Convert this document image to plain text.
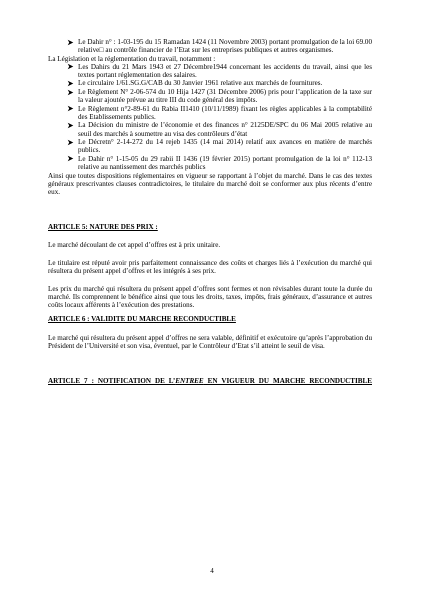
Le Dahir n° : 1-03-195 du 15 Ramadan 1424 (11 Novembre 2003) portant promulgation de la loi 69.00 relative□ au contrôle financier de l’Etat sur les entreprises publiques et autres organismes.

La Législation et la réglementation du travail, notamment :

Les Dahirs du 21 Mars 1943 et 27 Décembre1944 concernant les accidents du travail, ainsi que les textes portant réglementation des salaires.
Le circulaire 1/61.SG.G/CAB du 30 Janvier 1961 relative aux marchés de fournitures.
Le Règlement N° 2-06-574 du 10 Hija 1427 (31 Décembre 2006) pris pour l’application de la taxe sur la valeur ajoutée prévue au titre III du code général des impôts.
Le Règlement n°2-89-61 du Rabia II1410 (10/11/1989) fixant les règles applicables à la comptabilité des Etablissements publics.
La Décision du ministre de l’économie et des finances n° 2125DE/SPC du 06 Mai 2005 relative au seuil des marchés à soumettre au visa des contrôleurs d’état
Le Décretn° 2-14-272 du 14 rejeb 1435 (14 mai 2014) relatif aux avances en matière de marchés publics.
Le Dahir n° 1-15-05 du 29 rabii II 1436 (19 février 2015) portant promulgation de la loi n° 112-13 relative au nantissement des marchés publics

Ainsi que toutes dispositions réglementaires en vigueur se rapportant à l’objet du marché. Dans le cas des textes généraux prescrivantes clauses contradictoires, le titulaire du marché doit se conformer aux plus récents d’entre eux.

ARTICLE 5: NATURE DES PRIX :

Le marché découlant de cet appel d’offres est à prix unitaire.

Le titulaire est réputé avoir pris parfaitement connaissance des coûts et charges liés à l’exécution du marché qui résultera du présent appel d’offres et les intégrés à ses prix.

Les prix du marché qui résultera du présent appel d’offres sont fermes et non révisables durant toute la durée du marché. Ils comprennent le bénéfice ainsi que tous les droits, taxes, impôts, frais généraux, d’assurance et autres coûts locaux afférents à l’exécution des prestations.

ARTICLE 6 : VALIDITE DU MARCHE RECONDUCTIBLE

Le marché qui résultera du présent appel d’offres ne sera valable, définitif et exécutoire qu’après l’approbation du Président de l’Université et son visa, éventuel, par le Contrôleur d’Etat s’il atteint le seuil de visa.

ARTICLE 7 : NOTIFICATION DE L’ENTREE EN VIGUEUR DU MARCHE RECONDUCTIBLE

4
